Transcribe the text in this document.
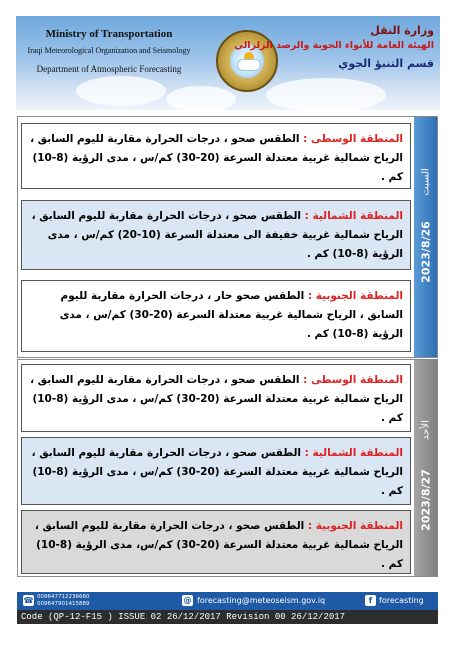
Ministry of Transportation
Iraqi Meteorological Organization and Seismology
Department of Atmospheric Forecasting
وزارة النقل
الهيئة العامة للأنواء الجوية والرصد الزلزالي
قسم التنبؤ الجوي
المنطقة الوسطى : الطقس صحو ، درجات الحرارة مقاربة لليوم السابق ، الرياح شمالية غربية معتدلة السرعة (20-30) كم/س ، مدى الرؤية (8-10) كم .
المنطقة الشمالية : الطقس صحو ، درجات الحرارة مقاربة لليوم السابق ، الرياح شمالية غربية خفيفة الى معتدلة السرعة (10-20) كم/س ، مدى الرؤية (8-10) كم .
المنطقة الجنوبية : الطقس صحو حار ، درجات الحرارة مقاربة لليوم السابق ، الرياح شمالية غربية معتدلة السرعة (20-30) كم/س ، مدى الرؤية (8-10) كم .
السبت
2023/8/26
المنطقة الوسطى : الطقس صحو ، درجات الحرارة مقاربة لليوم السابق ، الرياح شمالية غربية معتدلة السرعة (20-30) كم/س ، مدى الرؤية (8-10) كم .
المنطقة الشمالية : الطقس صحو ، درجات الحرارة مقاربة لليوم السابق ، الرياح شمالية غربية معتدلة السرعة (20-30) كم/س ، مدى الرؤية (8-10) كم .
المنطقة الجنوبية : الطقس صحو ، درجات الحرارة مقاربة لليوم السابق ، الرياح شمالية غربية معتدلة السرعة (20-30) كم/س، مدى الرؤية (8-10) كم .
الأحد
2023/8/27
☎ 009647712236660
009647901415889	@ forecasting@meteoseism.gov.iq	f forecasting
Code (QP-12-F15 ) ISSUE 02 26/12/2017 Revision 00 26/12/2017
